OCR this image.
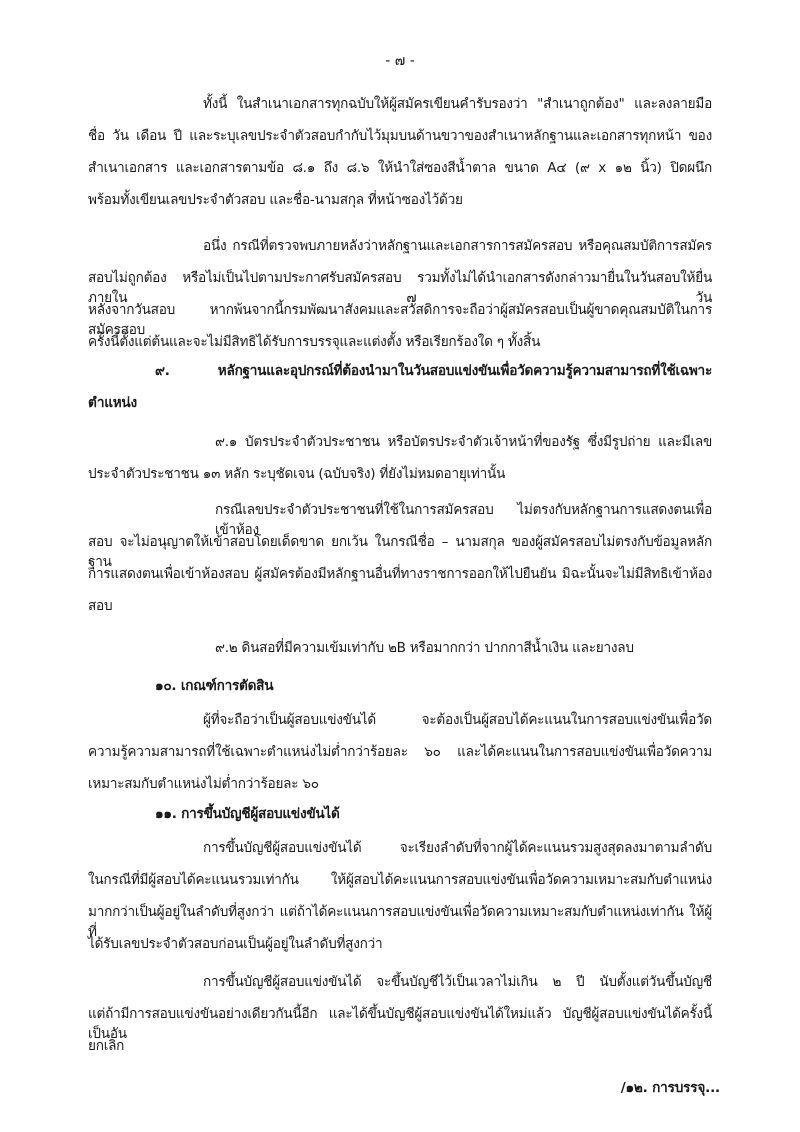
- ๗ -
ทั้งนี้ ในสำเนาเอกสารทุกฉบับให้ผู้สมัครเขียนคำรับรองว่า "สำเนาถูกต้อง" และลงลายมือ
ชื่อ วัน เดือน ปี และระบุเลขประจำตัวสอบกำกับไว้มุมบนด้านขวาของสำเนาหลักฐานและเอกสารทุกหน้า ของ
สำเนาเอกสาร และเอกสารตามข้อ ๘.๑ ถึง ๘.๖ ให้นำใส่ซองสีน้ำตาล ขนาด A๔ (๙ x ๑๒ นิ้ว) ปิดผนึก
พร้อมทั้งเขียนเลขประจำตัวสอบ และชื่อ-นามสกุล ที่หน้าซองไว้ด้วย
อนึ่ง กรณีที่ตรวจพบภายหลังว่าหลักฐานและเอกสารการสมัครสอบ หรือคุณสมบัติการสมัคร
สอบไม่ถูกต้อง หรือไม่เป็นไปตามประกาศรับสมัครสอบ รวมทั้งไม่ได้นำเอกสารดังกล่าวมายื่นในวันสอบให้ยื่นภายใน ๗ วัน
หลังจากวันสอบ หากพ้นจากนี้กรมพัฒนาสังคมและสวัสดิการจะถือว่าผู้สมัครสอบเป็นผู้ขาดคุณสมบัติในการสมัครสอบ
ครั้งนี้ตั้งแต่ต้นและจะไม่มีสิทธิได้รับการบรรจุและแต่งตั้ง หรือเรียกร้องใด ๆ ทั้งสิ้น
๙. หลักฐานและอุปกรณ์ที่ต้องนำมาในวันสอบแข่งขันเพื่อวัดความรู้ความสามารถที่ใช้เฉพาะ
ตำแหน่ง
๙.๑ บัตรประจำตัวประชาชน หรือบัตรประจำตัวเจ้าหน้าที่ของรัฐ ซึ่งมีรูปถ่าย และมีเลข
ประจำตัวประชาชน ๑๓ หลัก ระบุชัดเจน (ฉบับจริง) ที่ยังไม่หมดอายุเท่านั้น
กรณีเลขประจำตัวประชาชนที่ใช้ในการสมัครสอบ ไม่ตรงกับหลักฐานการแสดงตนเพื่อเข้าห้อง
สอบ จะไม่อนุญาตให้เข้าสอบโดยเด็ดขาด ยกเว้น ในกรณีชื่อ – นามสกุล ของผู้สมัครสอบไม่ตรงกับข้อมูลหลักฐาน
การแสดงตนเพื่อเข้าห้องสอบ ผู้สมัครต้องมีหลักฐานอื่นที่ทางราชการออกให้ไปยืนยัน มิฉะนั้นจะไม่มีสิทธิเข้าห้อง
สอบ
๙.๒ ดินสอที่มีความเข้มเท่ากับ ๒B หรือมากกว่า ปากกาสีน้ำเงิน และยางลบ
๑๐. เกณฑ์การตัดสิน
ผู้ที่จะถือว่าเป็นผู้สอบแข่งขันได้ จะต้องเป็นผู้สอบได้คะแนนในการสอบแข่งขันเพื่อวัด
ความรู้ความสามารถที่ใช้เฉพาะตำแหน่งไม่ต่ำกว่าร้อยละ ๖๐ และได้คะแนนในการสอบแข่งขันเพื่อวัดความ
เหมาะสมกับตำแหน่งไม่ต่ำกว่าร้อยละ ๖๐
๑๑. การขึ้นบัญชีผู้สอบแข่งขันได้
การขึ้นบัญชีผู้สอบแข่งขันได้ จะเรียงลำดับที่จากผู้ได้คะแนนรวมสูงสุดลงมาตามลำดับ
ในกรณีที่มีผู้สอบได้คะแนนรวมเท่ากัน ให้ผู้สอบได้คะแนนการสอบแข่งขันเพื่อวัดความเหมาะสมกับตำแหน่ง
มากกว่าเป็นผู้อยู่ในลำดับที่สูงกว่า แต่ถ้าได้คะแนนการสอบแข่งขันเพื่อวัดความเหมาะสมกับตำแหน่งเท่ากัน ให้ผู้ที่
ได้รับเลขประจำตัวสอบก่อนเป็นผู้อยู่ในลำดับที่สูงกว่า
การขึ้นบัญชีผู้สอบแข่งขันได้ จะขึ้นบัญชีไว้เป็นเวลาไม่เกิน ๒ ปี นับตั้งแต่วันขึ้นบัญชี
แต่ถ้ามีการสอบแข่งขันอย่างเดียวกันนี้อีก และได้ขึ้นบัญชีผู้สอบแข่งขันได้ใหม่แล้ว บัญชีผู้สอบแข่งขันได้ครั้งนี้เป็นอัน
ยกเลิก
/๑๒. การบรรจุ...
